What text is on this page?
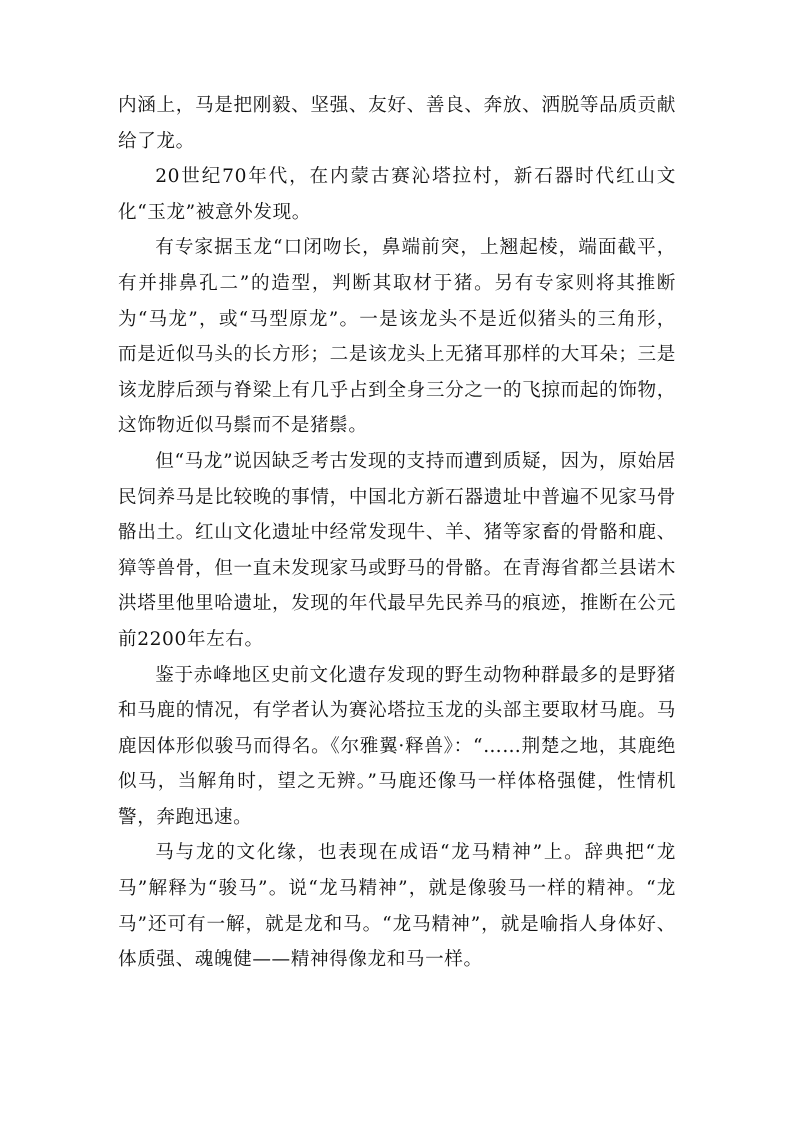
内涵上，马是把刚毅、坚强、友好、善良、奔放、洒脱等品质贡献给了龙。

20世纪70年代，在内蒙古赛沁塔拉村，新石器时代红山文化“玉龙”被意外发现。

有专家据玉龙“口闭吻长，鼻端前突，上翘起棱，端面截平，有并排鼻孔二”的造型，判断其取材于猪。另有专家则将其推断为“马龙”，或“马型原龙”。一是该龙头不是近似猪头的三角形，而是近似马头的长方形；二是该龙头上无猪耳那样的大耳朵；三是该龙脖后颈与脊梁上有几乎占到全身三分之一的飞掠而起的饰物，这饰物近似马鬃而不是猪鬃。

但“马龙”说因缺乏考古发现的支持而遭到质疑，因为，原始居民饲养马是比较晚的事情，中国北方新石器遗址中普遍不见家马骨骼出土。红山文化遗址中经常发现牛、羊、猪等家畜的骨骼和鹿、獐等兽骨，但一直未发现家马或野马的骨骼。在青海省都兰县诺木洪塔里他里哈遗址，发现的年代最早先民养马的痕迹，推断在公元前2200年左右。

鉴于赤峰地区史前文化遗存发现的野生动物种群最多的是野猪和马鹿的情况，有学者认为赛沁塔拉玉龙的头部主要取材马鹿。马鹿因体形似骏马而得名。《尔雅翼·释兽》：“……荆楚之地，其鹿绝似马，当解角时，望之无辨。”马鹿还像马一样体格强健，性情机警，奔跑迅速。

马与龙的文化缘，也表现在成语“龙马精神”上。辞典把“龙马”解释为“骏马”。说“龙马精神”，就是像骏马一样的精神。“龙马”还可有一解，就是龙和马。“龙马精神”，就是喻指人身体好、体质强、魂魄健——精神得像龙和马一样。
